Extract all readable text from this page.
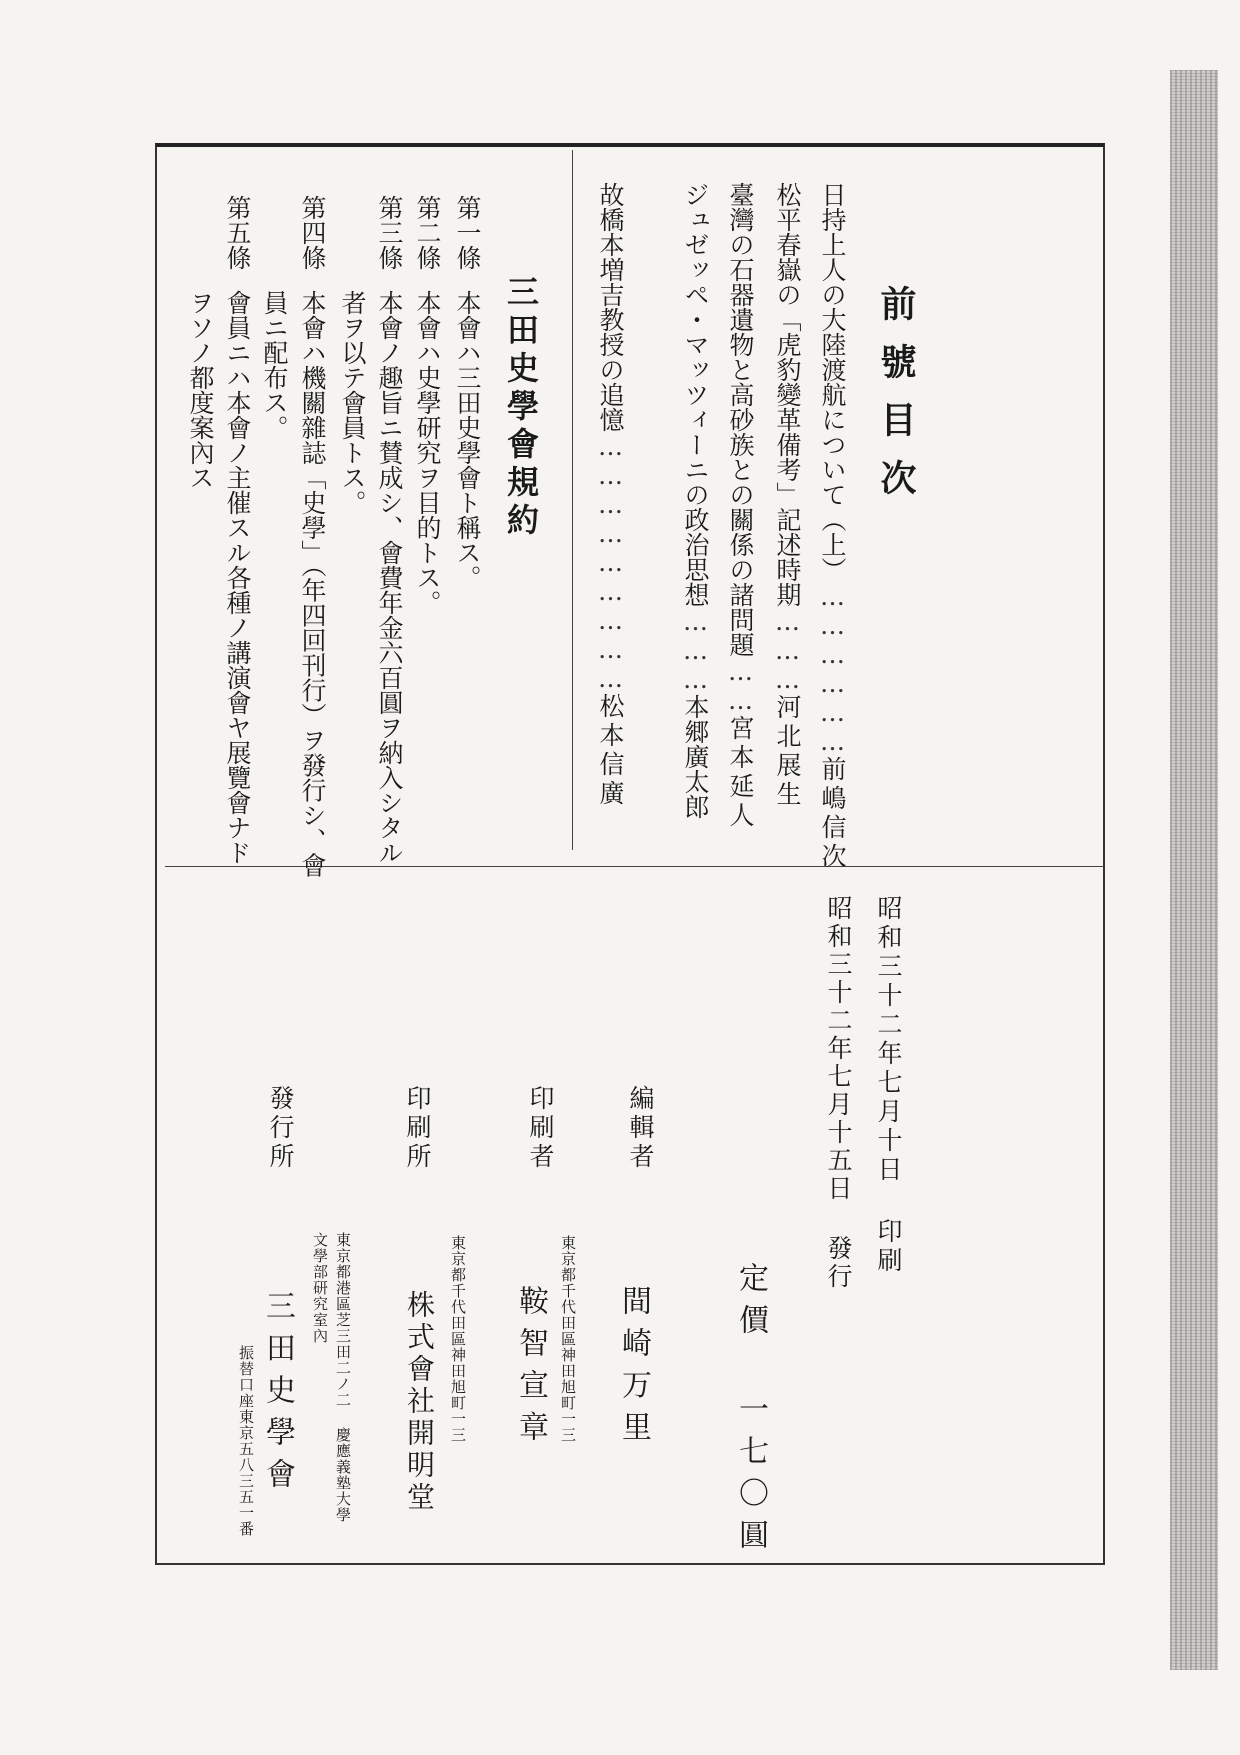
前號目次
日持上人の大陸渡航について（上）………………前嶋信次
松平春嶽の「虎豹變革備考」記述時期………河北展生
臺灣の石器遺物と高砂族との關係の諸問題……宮本延人
ジュゼッペ・マッツィーニの政治思想………本郷廣太郎
故橋本増吉教授の追憶………………………松本信廣
三田史學會規約
第一條
本會ハ三田史學會ト稱ス。
第二條
本會ハ史學研究ヲ目的トス。
第三條
本會ノ趣旨ニ賛成シ、會費年金六百圓ヲ納入シタル
者ヲ以テ會員トス。
第四條
本會ハ機關雜誌「史學」（年四回刊行）ヲ發行シ、會
員ニ配布ス。
第五條
會員ニハ本會ノ主催スル各種ノ講演會ヤ展覽會ナド
ヲソノ都度案內ス
昭和三十二年七月十日 印刷
昭和三十二年七月十五日 發行
定價 一七〇圓
編輯者
東京都千代田區神田旭町一三 間崎万里
印刷者
東京都千代田區神田旭町一三 鞍智宣章
印刷所
株式會社開明堂
發行所
東京都港區芝三田二ノ二 慶應義塾大學
文學部研究室內
三田史學會
振替口座東京五八三五一番
